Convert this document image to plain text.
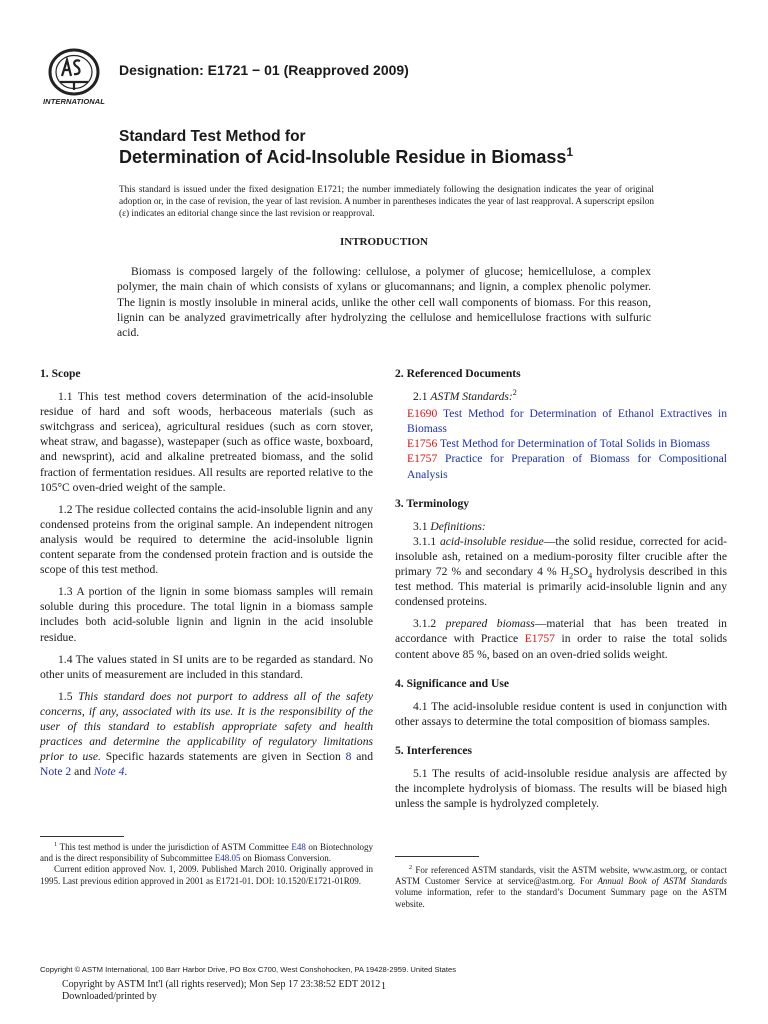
INTERNATIONAL
Designation: E1721 − 01 (Reapproved 2009)
Standard Test Method for
Determination of Acid-Insoluble Residue in Biomass$^1$
This standard is issued under the fixed designation E1721; the number immediately following the designation indicates the year of original adoption or, in the case of revision, the year of last revision. A number in parentheses indicates the year of last reapproval. A superscript epsilon (ε) indicates an editorial change since the last revision or reapproval.
INTRODUCTION
Biomass is composed largely of the following: cellulose, a polymer of glucose; hemicellulose, a complex polymer, the main chain of which consists of xylans or glucomannans; and lignin, a complex phenolic polymer. The lignin is mostly insoluble in mineral acids, unlike the other cell wall components of biomass. For this reason, lignin can be analyzed gravimetrically after hydrolyzing the cellulose and hemicellulose fractions with sulfuric acid.
1. Scope

1.1 This test method covers determination of the acid-insoluble residue of hard and soft woods, herbaceous materials (such as switchgrass and sericea), agricultural residues (such as corn stover, wheat straw, and bagasse), wastepaper (such as office waste, boxboard, and newsprint), acid and alkaline pretreated biomass, and the solid fraction of fermentation residues. All results are reported relative to the 105°C oven-dried weight of the sample.

1.2 The residue collected contains the acid-insoluble lignin and any condensed proteins from the original sample. An independent nitrogen analysis would be required to determine the acid-insoluble lignin content separate from the condensed protein fraction and is outside the scope of this test method.

1.3 A portion of the lignin in some biomass samples will remain soluble during this procedure. The total lignin in a biomass sample includes both acid-soluble lignin and lignin in the acid insoluble residue.

1.4 The values stated in SI units are to be regarded as standard. No other units of measurement are included in this standard.

1.5 This standard does not purport to address all of the safety concerns, if any, associated with its use. It is the responsibility of the user of this standard to establish appropriate safety and health practices and determine the applicability of regulatory limitations prior to use. Specific hazards statements are given in Section 8 and Note 2 and Note 4.

2. Referenced Documents

2.1 ASTM Standards:$^2$

E1690 Test Method for Determination of Ethanol Extractives in Biomass
E1756 Test Method for Determination of Total Solids in Biomass
E1757 Practice for Preparation of Biomass for Compositional Analysis
3. Terminology

3.1 Definitions:

3.1.1 acid-insoluble residue—the solid residue, corrected for acid-insoluble ash, retained on a medium-porosity filter crucible after the primary 72 % and secondary 4 % $H_2SO_4$ hydrolysis described in this test method. This material is primarily acid-insoluble lignin and any condensed proteins.

3.1.2 prepared biomass—material that has been treated in accordance with Practice E1757 in order to raise the total solids content above 85 %, based on an oven-dried solids weight.

4. Significance and Use

4.1 The acid-insoluble residue content is used in conjunction with other assays to determine the total composition of biomass samples.

5. Interferences

5.1 The results of acid-insoluble residue analysis are affected by the incomplete hydrolysis of biomass. The results will be biased high unless the sample is hydrolyzed completely.

$^1$ This test method is under the jurisdiction of ASTM Committee E48 on Biotechnology and is the direct responsibility of Subcommittee E48.05 on Biomass Conversion.

Current edition approved Nov. 1, 2009. Published March 2010. Originally approved in 1995. Last previous edition approved in 2001 as E1721-01. DOI: 10.1520/E1721-01R09.

$^2$ For referenced ASTM standards, visit the ASTM website, www.astm.org, or contact ASTM Customer Service at service@astm.org. For Annual Book of ASTM Standards volume information, refer to the standard’s Document Summary page on the ASTM website.

Copyright © ASTM International, 100 Barr Harbor Drive, PO Box C700, West Conshohocken, PA 19428-2959. United States
Copyright by ASTM Int'l (all rights reserved); Mon Sep 17 23:38:52 EDT 2012 1
Downloaded/printed by
